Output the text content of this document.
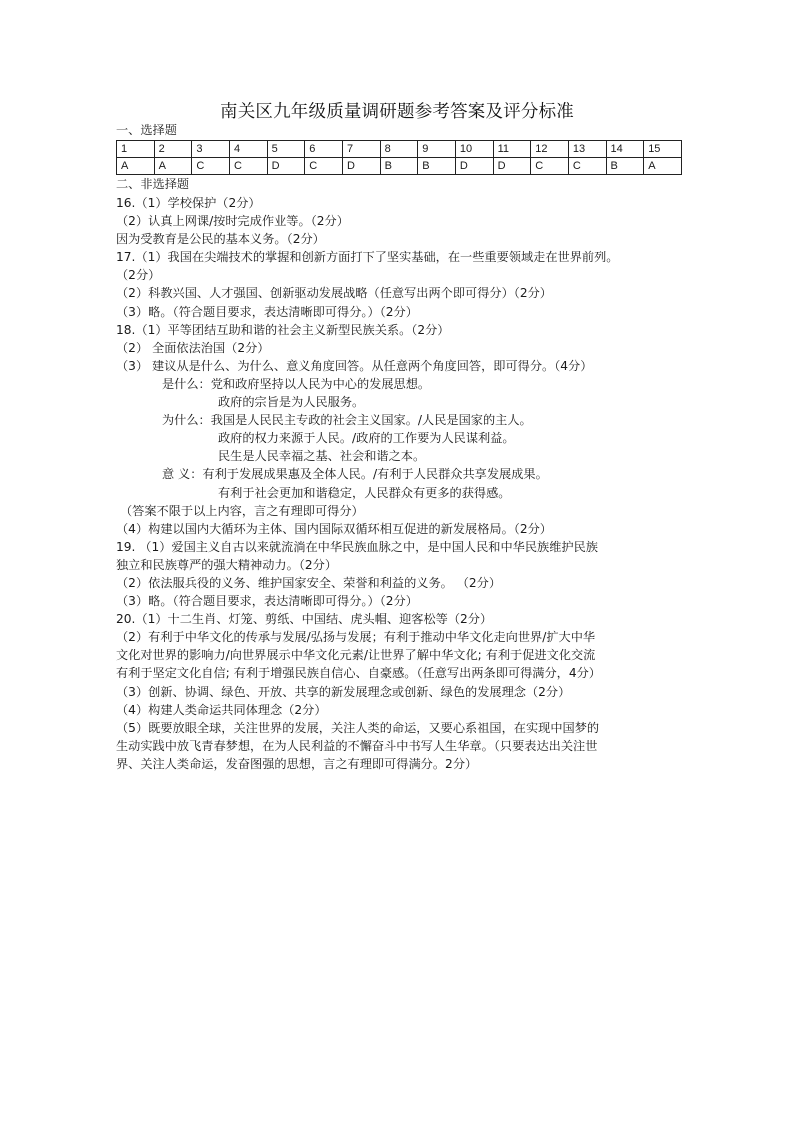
南关区九年级质量调研题参考答案及评分标准
一、选择题
1	2	3	4	5	6	7	8	9	10	11	12	13	14	15
A	A	C	C	D	C	D	B	B	D	D	C	C	B	A
二、非选择题
16.（1）学校保护（2分）
（2）认真上网课/按时完成作业等。（2分）
因为受教育是公民的基本义务。（2分）
17.（1）我国在尖端技术的掌握和创新方面打下了坚实基础，在一些重要领域走在世界前列。
（2分）
（2）科教兴国、人才强国、创新驱动发展战略（任意写出两个即可得分）（2分）
（3）略。（符合题目要求，表达清晰即可得分。）（2分）
18.（1）平等团结互助和谐的社会主义新型民族关系。（2分）
（2） 全面依法治国（2分）
（3） 建议从是什么、为什么、意义角度回答。从任意两个角度回答，即可得分。（4分）
是什么：党和政府坚持以人民为中心的发展思想。
政府的宗旨是为人民服务。
为什么：我国是人民民主专政的社会主义国家。/人民是国家的主人。
政府的权力来源于人民。/政府的工作要为人民谋利益。
民生是人民幸福之基、社会和谐之本。
意 义：有利于发展成果惠及全体人民。/有利于人民群众共享发展成果。
有利于社会更加和谐稳定，人民群众有更多的获得感。
（答案不限于以上内容，言之有理即可得分）
（4）构建以国内大循环为主体、国内国际双循环相互促进的新发展格局。（2分）
19. （1）爱国主义自古以来就流淌在中华民族血脉之中，是中国人民和中华民族维护民族
独立和民族尊严的强大精神动力。（2分）
（2）依法服兵役的义务、维护国家安全、荣誉和利益的义务。 （2分）
（3）略。（符合题目要求，表达清晰即可得分。）（2分）
20.（1）十二生肖、灯笼、剪纸、中国结、虎头帽、迎客松等（2分）
（2）有利于中华文化的传承与发展/弘扬与发展；有利于推动中华文化走向世界/扩大中华
文化对世界的影响力/向世界展示中华文化元素/让世界了解中华文化; 有利于促进文化交流
有利于坚定文化自信; 有利于增强民族自信心、自豪感。（任意写出两条即可得满分，4分）
（3）创新、协调、绿色、开放、共享的新发展理念或创新、绿色的发展理念（2分）
（4）构建人类命运共同体理念（2分）
（5）既要放眼全球，关注世界的发展，关注人类的命运，又要心系祖国，在实现中国梦的
生动实践中放飞青春梦想，在为人民利益的不懈奋斗中书写人生华章。（只要表达出关注世
界、关注人类命运，发奋图强的思想，言之有理即可得满分。2分）
